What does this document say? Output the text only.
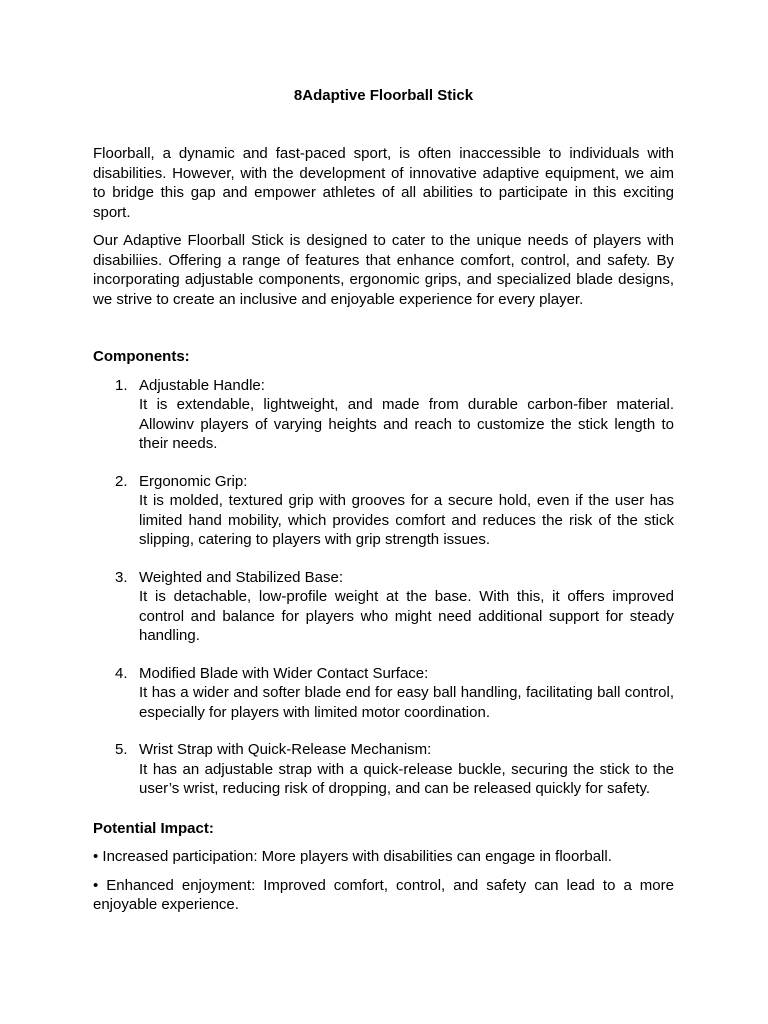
8Adaptive Floorball Stick

Floorball, a dynamic and fast-paced sport, is often inaccessible to individuals with disabilities. However, with the development of innovative adaptive equipment, we aim to bridge this gap and empower athletes of all abilities to participate in this exciting sport.

Our Adaptive Floorball Stick is designed to cater to the unique needs of players with disabiliies. Offering a range of features that enhance comfort, control, and safety. By incorporating adjustable components, ergonomic grips, and specialized blade designs, we strive to create an inclusive and enjoyable experience for every player.

Components:

1. Adjustable Handle:
It is extendable, lightweight, and made from durable carbon-fiber material. Allowinv players of varying heights and reach to customize the stick length to their needs.
2. Ergonomic Grip:
It is molded, textured grip with grooves for a secure hold, even if the user has limited hand mobility, which provides comfort and reduces the risk of the stick slipping, catering to players with grip strength issues.
3. Weighted and Stabilized Base:
It is detachable, low-profile weight at the base. With this, it offers improved control and balance for players who might need additional support for steady handling.
4. Modified Blade with Wider Contact Surface:
It has a wider and softer blade end for easy ball handling, facilitating ball control, especially for players with limited motor coordination.
5. Wrist Strap with Quick-Release Mechanism:
It has an adjustable strap with a quick-release buckle, securing the stick to the user’s wrist, reducing risk of dropping, and can be released quickly for safety.

Potential Impact:

• Increased participation: More players with disabilities can engage in floorball.

• Enhanced enjoyment: Improved comfort, control, and safety can lead to a more enjoyable experience.
